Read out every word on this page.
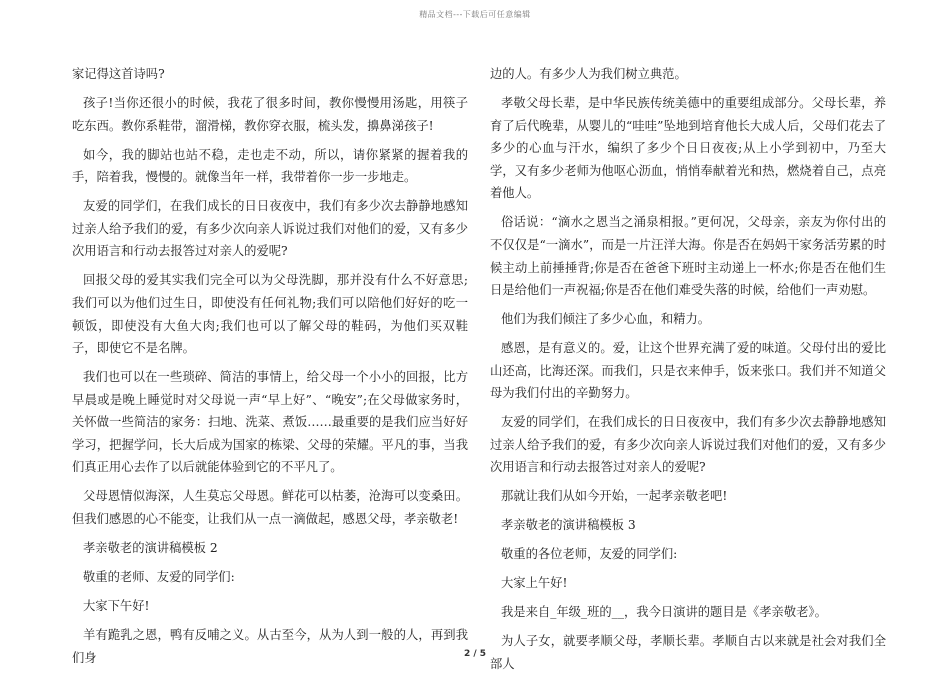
精品文档---下载后可任意编辑

家记得这首诗吗?

孩子!当你还很小的时候，我花了很多时间，教你慢慢用汤匙，用筷子吃东西。教你系鞋带，溜滑梯，教你穿衣服，梳头发，擤鼻涕孩子!

如今，我的脚站也站不稳，走也走不动，所以，请你紧紧的握着我的手，陪着我，慢慢的。就像当年一样，我带着你一步一步地走。

友爱的同学们，在我们成长的日日夜夜中，我们有多少次去静静地感知过亲人给予我们的爱，有多少次向亲人诉说过我们对他们的爱，又有多少次用语言和行动去报答过对亲人的爱呢?

回报父母的爱其实我们完全可以为父母洗脚，那并没有什么不好意思;我们可以为他们过生日，即使没有任何礼物;我们可以陪他们好好的吃一顿饭，即使没有大鱼大肉;我们也可以了解父母的鞋码，为他们买双鞋子，即使它不是名牌。

我们也可以在一些琐碎、简洁的事情上，给父母一个小小的回报，比方早晨或是晚上睡觉时对父母说一声“早上好”、“晚安”;在父母做家务时，关怀做一些简洁的家务：扫地、洗菜、煮饭……最重要的是我们应当好好学习，把握学问，长大后成为国家的栋梁、父母的荣耀。平凡的事，当我们真正用心去作了以后就能体验到它的不平凡了。

父母恩情似海深，人生莫忘父母恩。鲜花可以枯萎，沧海可以变桑田。但我们感恩的心不能变，让我们从一点一滴做起，感恩父母，孝亲敬老!

孝亲敬老的演讲稿模板 2

敬重的老师、友爱的同学们:

大家下午好!

羊有跪乳之恩，鸭有反哺之义。从古至今，从为人到一般的人，再到我们身

边的人。有多少人为我们树立典范。

孝敬父母长辈，是中华民族传统美德中的重要组成部分。父母长辈，养育了后代晚辈，从婴儿的“哇哇”坠地到培育他长大成人后，父母们花去了多少的心血与汗水，编织了多少个日日夜夜;从上小学到初中，乃至大学，又有多少老师为他呕心沥血，悄悄奉献着光和热，燃烧着自己，点亮着他人。

俗话说：“滴水之恩当之涌泉相报。”更何况，父母亲，亲友为你付出的不仅仅是“一滴水”，而是一片汪洋大海。你是否在妈妈干家务活劳累的时候主动上前捶捶背;你是否在爸爸下班时主动递上一杯水;你是否在他们生日是给他们一声祝福;你是否在他们难受失落的时候，给他们一声劝慰。

他们为我们倾注了多少心血，和精力。

感恩，是有意义的。爱，让这个世界充满了爱的味道。父母付出的爱比山还高，比海还深。而我们，只是衣来伸手，饭来张口。我们并不知道父母为我们付出的辛勤努力。

友爱的同学们，在我们成长的日日夜夜中，我们有多少次去静静地感知过亲人给予我们的爱，有多少次向亲人诉说过我们对他们的爱，又有多少次用语言和行动去报答过对亲人的爱呢?

那就让我们从如今开始，一起孝亲敬老吧!

孝亲敬老的演讲稿模板 3

敬重的各位老师，友爱的同学们:

大家上午好!

我是来自_年级_班的__，我今日演讲的题目是《孝亲敬老》。

为人子女，就要孝顺父母，孝顺长辈。孝顺自古以来就是社会对我们全部人

2 / 5
